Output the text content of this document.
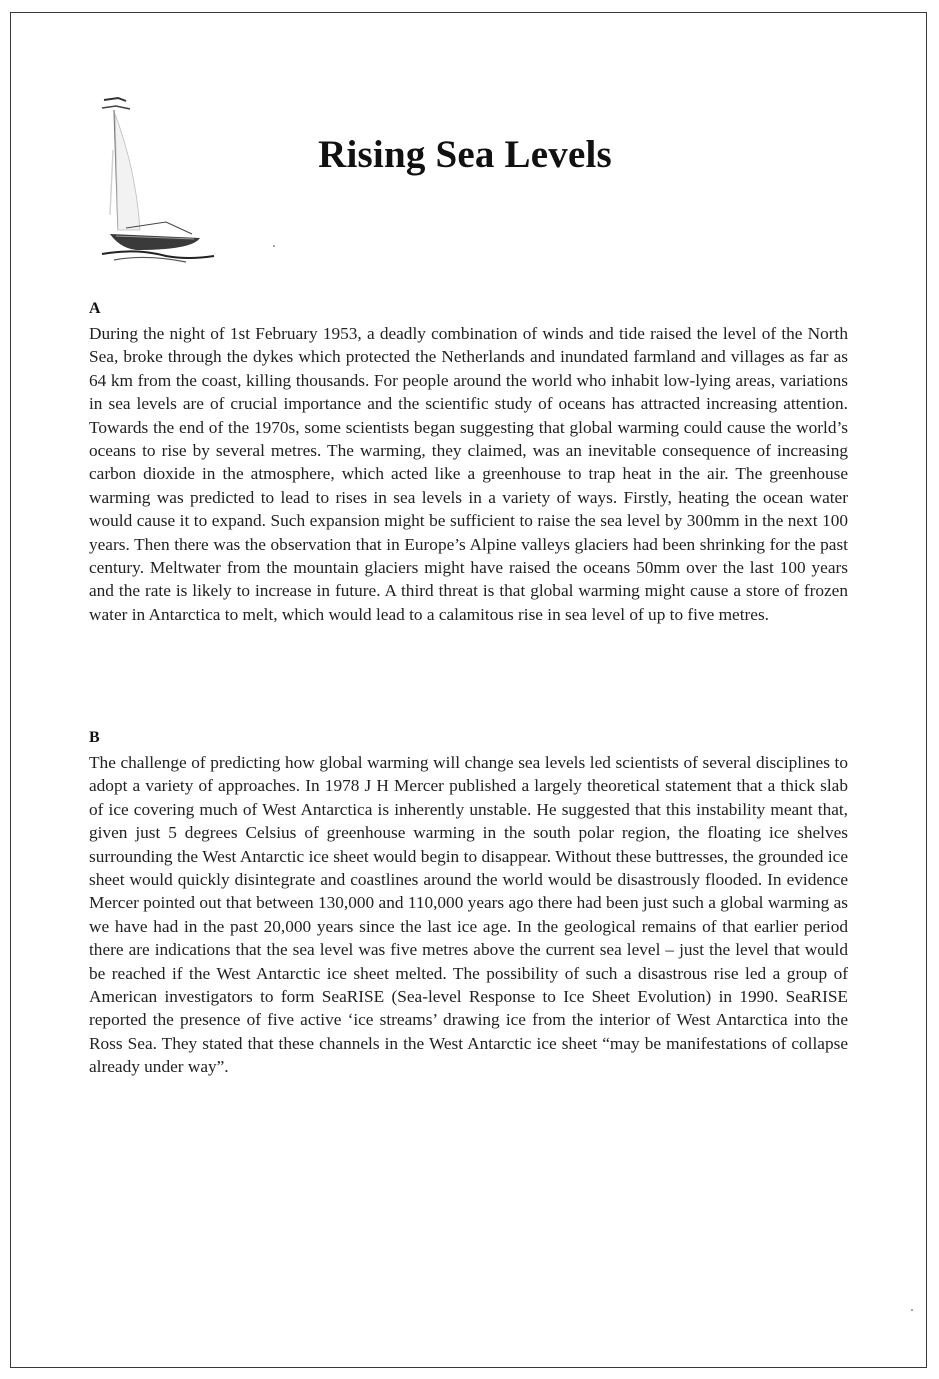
Rising Sea Levels
A

During the night of 1st February 1953, a deadly combination of winds and tide raised the level of the North Sea, broke through the dykes which protected the Netherlands and inundated farmland and villages as far as 64 km from the coast, killing thousands. For people around the world who inhabit low-lying areas, variations in sea levels are of crucial importance and the scientific study of oceans has attracted increasing attention. Towards the end of the 1970s, some scientists began suggesting that global warming could cause the world’s oceans to rise by several metres. The warming, they claimed, was an inevitable consequence of increasing carbon dioxide in the atmosphere, which acted like a greenhouse to trap heat in the air. The greenhouse warming was predicted to lead to rises in sea levels in a variety of ways. Firstly, heating the ocean water would cause it to expand. Such expansion might be sufficient to raise the sea level by 300mm in the next 100 years. Then there was the observation that in Europe’s Alpine valleys glaciers had been shrinking for the past century. Meltwater from the mountain glaciers might have raised the oceans 50mm over the last 100 years and the rate is likely to increase in future. A third threat is that global warming might cause a store of frozen water in Antarctica to melt, which would lead to a calamitous rise in sea level of up to five metres.

B

The challenge of predicting how global warming will change sea levels led scientists of several disciplines to adopt a variety of approaches. In 1978 J H Mercer published a largely theoretical statement that a thick slab of ice covering much of West Antarctica is inherently unstable. He suggested that this instability meant that, given just 5 degrees Celsius of greenhouse warming in the south polar region, the floating ice shelves surrounding the West Antarctic ice sheet would begin to disappear. Without these buttresses, the grounded ice sheet would quickly disintegrate and coastlines around the world would be disastrously flooded. In evidence Mercer pointed out that between 130,000 and 110,000 years ago there had been just such a global warming as we have had in the past 20,000 years since the last ice age. In the geological remains of that earlier period there are indications that the sea level was five metres above the current sea level – just the level that would be reached if the West Antarctic ice sheet melted. The possibility of such a disastrous rise led a group of American investigators to form SeaRISE (Sea-level Response to Ice Sheet Evolution) in 1990. SeaRISE reported the presence of five active ‘ice streams’ drawing ice from the interior of West Antarctica into the Ross Sea. They stated that these channels in the West Antarctic ice sheet “may be manifestations of collapse already under way”.
